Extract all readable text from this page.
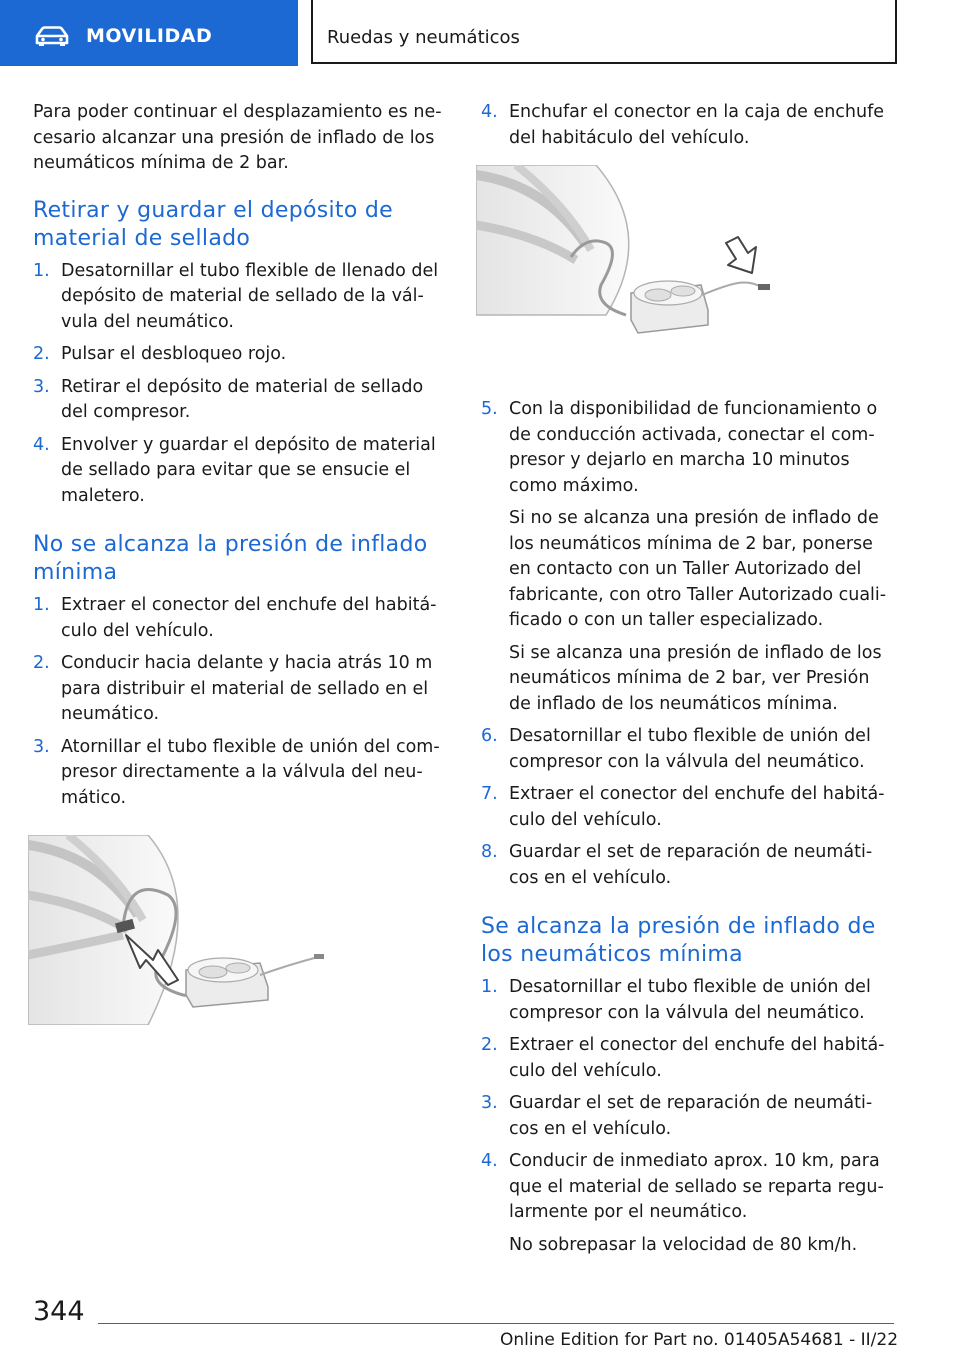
MOVILIDAD	Ruedas y neumáticos

Para poder continuar el desplazamiento es ne‐ cesario alcanzar una presión de inflado de los neumáticos mínima de 2 bar.

Retirar y guardar el depósito de material de sellado
1. Desatornillar el tubo flexible de llenado del depósito de material de sellado de la vál‐ vula del neumático.
2. Pulsar el desbloqueo rojo.
3. Retirar el depósito de material de sellado del compresor.
4. Envolver y guardar el depósito de material de sellado para evitar que se ensucie el maletero.
No se alcanza la presión de inflado mínima
1. Extraer el conector del enchufe del habitá‐ culo del vehículo.
2. Conducir hacia delante y hacia atrás 10 m para distribuir el material de sellado en el neumático.
3. Atornillar el tubo flexible de unión del com‐ presor directamente a la válvula del neu‐ mático.
4. Enchufar el conector en la caja de enchufe del habitáculo del vehículo.
5. Con la disponibilidad de funcionamiento o de conducción activada, conectar el com‐ presor y dejarlo en marcha 10 minutos como máximo.

Si no se alcanza una presión de inflado de los neumáticos mínima de 2 bar, ponerse en contacto con un Taller Autorizado del fabricante, con otro Taller Autorizado cuali‐ ficado o con un taller especializado.

Si se alcanza una presión de inflado de los neumáticos mínima de 2 bar, ver Presión de inflado de los neumáticos mínima.

6. Desatornillar el tubo flexible de unión del compresor con la válvula del neumático.
7. Extraer el conector del enchufe del habitá‐ culo del vehículo.
8. Guardar el set de reparación de neumáti‐ cos en el vehículo.
Se alcanza la presión de inflado de los neumáticos mínima
1. Desatornillar el tubo flexible de unión del compresor con la válvula del neumático.
2. Extraer el conector del enchufe del habitá‐ culo del vehículo.
3. Guardar el set de reparación de neumáti‐ cos en el vehículo.
4. Conducir de inmediato aprox. 10 km, para que el material de sellado se reparta regu‐ larmente por el neumático.

No sobrepasar la velocidad de 80 km/h.

344
Online Edition for Part no. 01405A54681 - II/22
